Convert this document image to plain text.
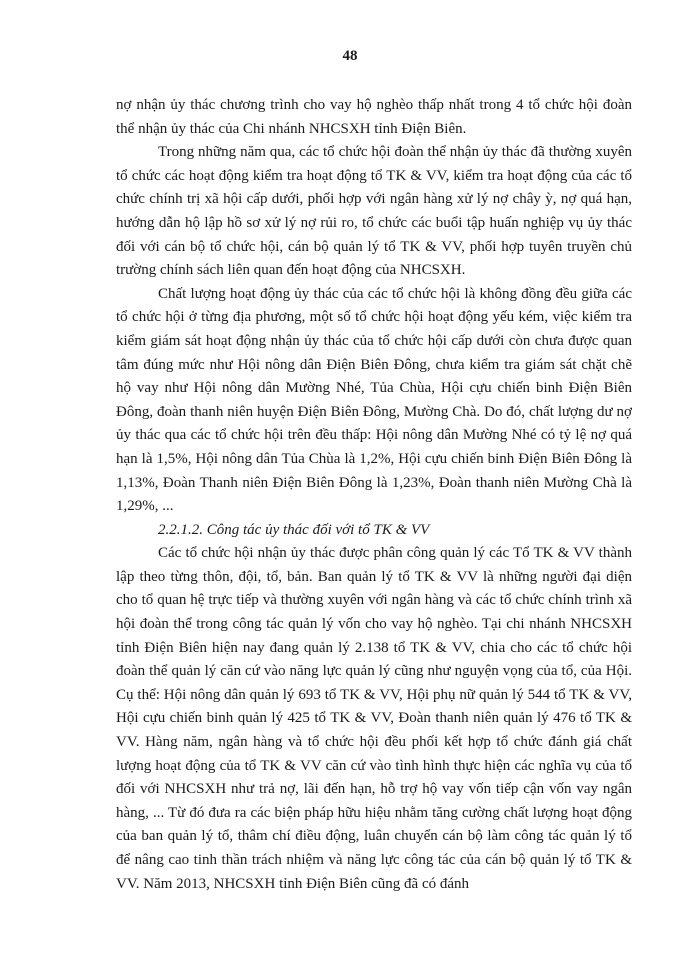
48

nợ nhận ủy thác chương trình cho vay hộ nghèo thấp nhất trong 4 tổ chức hội đoàn thể nhận ủy thác của Chi nhánh NHCSXH tỉnh Điện Biên.

Trong những năm qua, các tổ chức hội đoàn thể nhận ủy thác đã thường xuyên tổ chức các hoạt động kiểm tra hoạt động tổ TK & VV, kiểm tra hoạt động của các tổ chức chính trị xã hội cấp dưới, phối hợp với ngân hàng xử lý nợ chây ỳ, nợ quá hạn, hướng dẫn hộ lập hồ sơ xử lý nợ rủi ro, tổ chức các buổi tập huấn nghiệp vụ ủy thác đối với cán bộ tổ chức hội, cán bộ quản lý tổ TK & VV, phối hợp tuyên truyền chủ trường chính sách liên quan đến hoạt động của NHCSXH.

Chất lượng hoạt động ủy thác của các tổ chức hội là không đồng đều giữa các tổ chức hội ở từng địa phương, một số tổ chức hội hoạt động yếu kém, việc kiểm tra kiểm giám sát hoạt động nhận ủy thác của tổ chức hội cấp dưới còn chưa được quan tâm đúng mức như Hội nông dân Điện Biên Đông, chưa kiểm tra giám sát chặt chẽ hộ vay như Hội nông dân Mường Nhé, Tủa Chùa, Hội cựu chiến binh Điện Biên Đông, đoàn thanh niên huyện Điện Biên Đông, Mường Chà. Do đó, chất lượng dư nợ ủy thác qua các tổ chức hội trên đều thấp: Hội nông dân Mường Nhé có tỷ lệ nợ quá hạn là 1,5%, Hội nông dân Tủa Chùa là 1,2%, Hội cựu chiến binh Điện Biên Đông là 1,13%, Đoàn Thanh niên Điện Biên Đông là 1,23%, Đoàn thanh niên Mường Chà là 1,29%, ...

2.2.1.2. Công tác ủy thác đối với tổ TK & VV

Các tổ chức hội nhận ủy thác được phân công quản lý các Tổ TK & VV thành lập theo từng thôn, đội, tổ, bản. Ban quản lý tổ TK & VV là những người đại diện cho tổ quan hệ trực tiếp và thường xuyên với ngân hàng và các tổ chức chính trình xã hội đoàn thể trong công tác quản lý vốn cho vay hộ nghèo. Tại chi nhánh NHCSXH tỉnh Điện Biên hiện nay đang quản lý 2.138 tổ TK & VV, chia cho các tổ chức hội đoàn thể quản lý căn cứ vào năng lực quản lý cũng như nguyện vọng của tổ, của Hội. Cụ thể: Hội nông dân quản lý 693 tổ TK & VV, Hội phụ nữ quản lý 544 tổ TK & VV, Hội cựu chiến binh quản lý 425 tổ TK & VV, Đoàn thanh niên quản lý 476 tổ TK & VV. Hàng năm, ngân hàng và tổ chức hội đều phối kết hợp tổ chức đánh giá chất lượng hoạt động của tổ TK & VV căn cứ vào tình hình thực hiện các nghĩa vụ của tổ đối với NHCSXH như trả nợ, lãi đến hạn, hỗ trợ hộ vay vốn tiếp cận vốn vay ngân hàng, ... Từ đó đưa ra các biện pháp hữu hiệu nhằm tăng cường chất lượng hoạt động của ban quản lý tổ, thâm chí điều động, luân chuyển cán bộ làm công tác quản lý tổ để nâng cao tinh thần trách nhiệm và năng lực công tác của cán bộ quản lý tổ TK & VV. Năm 2013, NHCSXH tỉnh Điện Biên cũng đã có đánh
